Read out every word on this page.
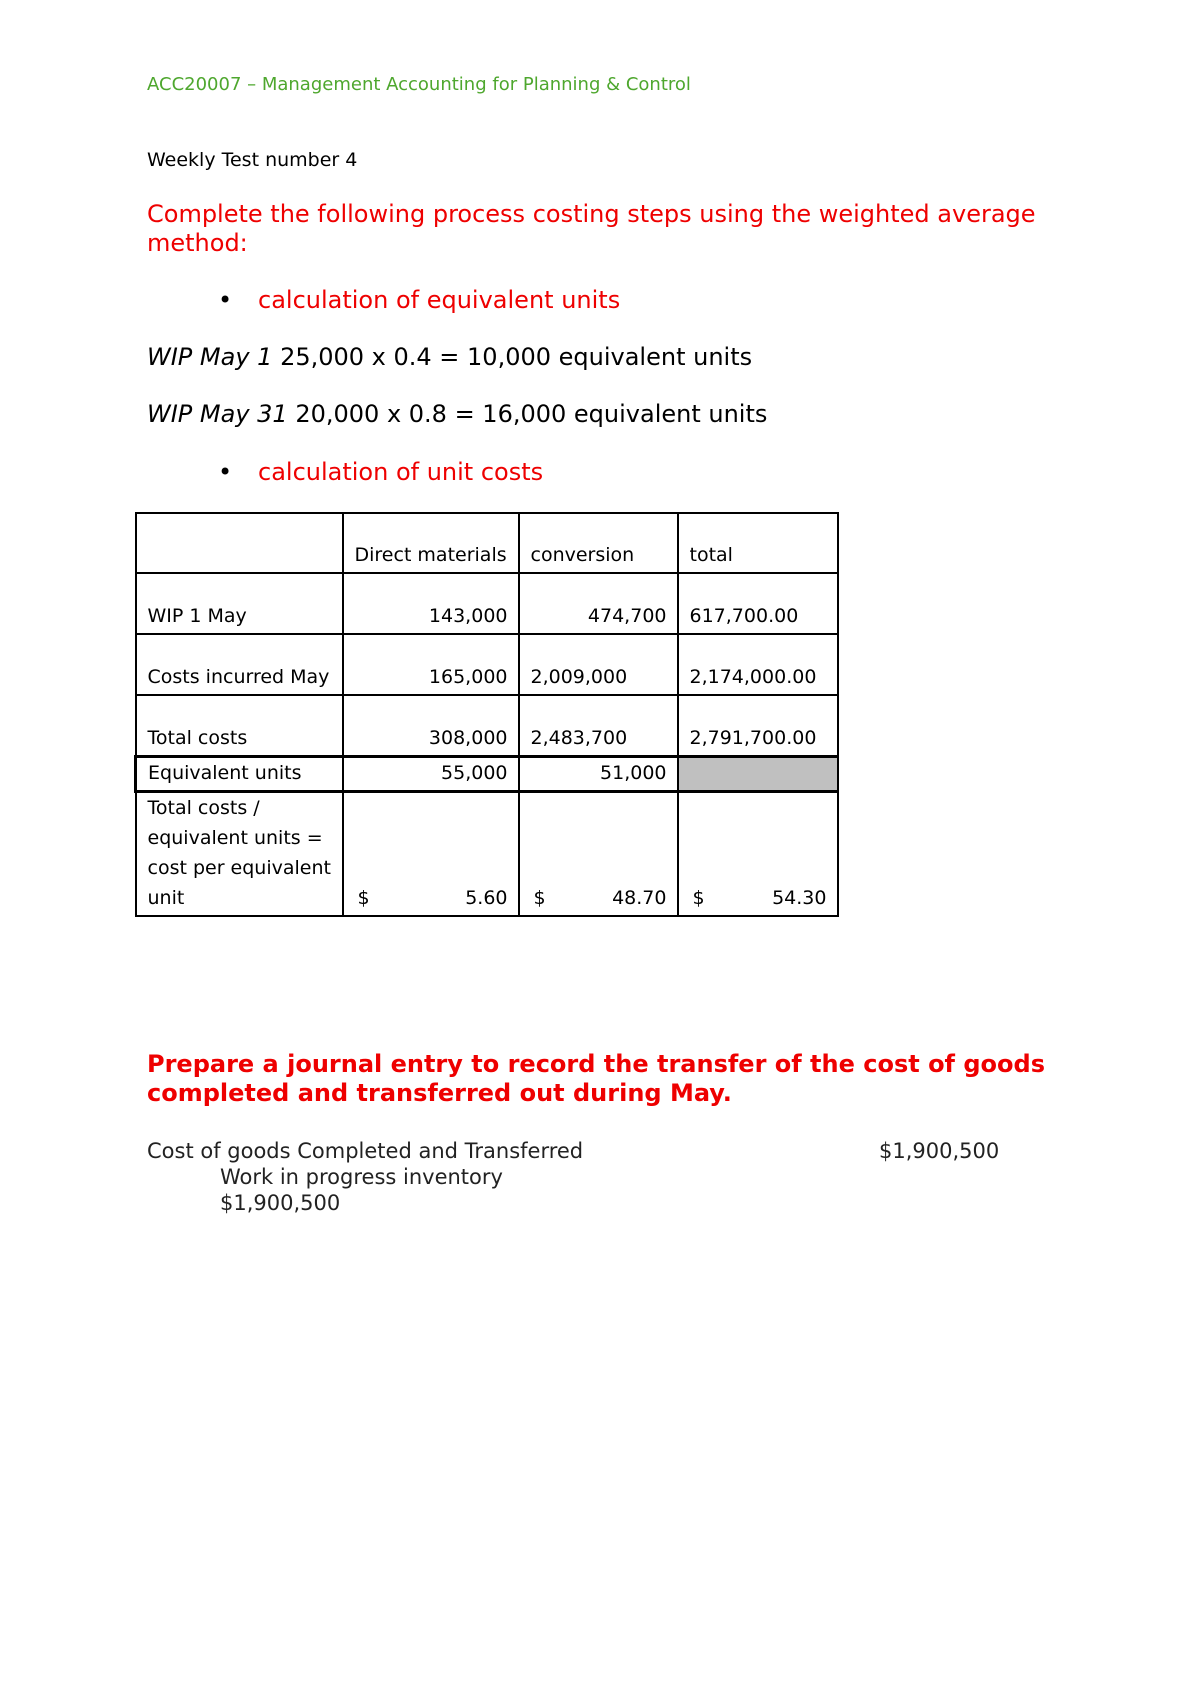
ACC20007 – Management Accounting for Planning & Control
Weekly Test number 4
Complete the following process costing steps using the weighted average method:
• calculation of equivalent units
WIP May 1 25,000 x 0.4 = 10,000 equivalent units
WIP May 31 20,000 x 0.8 = 16,000 equivalent units
• calculation of unit costs
	Direct materials	conversion	total
WIP 1 May	143,000	474,700	617,700.00
Costs incurred May	165,000	2,009,000	2,174,000.00
Total costs	308,000	2,483,700	2,791,700.00
Equivalent units	55,000	51,000	
Total costs / equivalent units = cost per equivalent unit	$ 5.60	$ 48.70	$ 54.30
Prepare a journal entry to record the transfer of the cost of goods completed and transferred out during May.
Cost of goods Completed and Transferred	$1,900,500
Work in progress inventory
$1,900,500
